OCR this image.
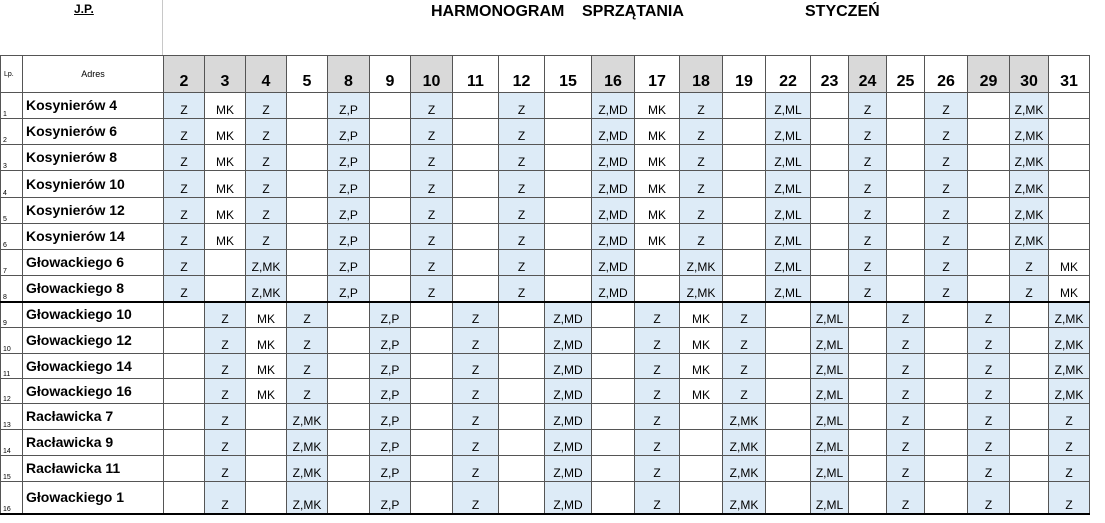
J.P.	HARMONOGRAM SPRZĄTANIA	STYCZEŃ
Lp.	Adres	2	3	4	5	8	9	10	11	12	15	16	17	18	19	22	23	24	25	26	29	30	31
1	Kosynierów 4	Z	MK	Z		Z,P		Z		Z		Z,MD	MK	Z		Z,ML		Z		Z		Z,MK	
2	Kosynierów 6	Z	MK	Z		Z,P		Z		Z		Z,MD	MK	Z		Z,ML		Z		Z		Z,MK	
3	Kosynierów 8	Z	MK	Z		Z,P		Z		Z		Z,MD	MK	Z		Z,ML		Z		Z		Z,MK	
4	Kosynierów 10	Z	MK	Z		Z,P		Z		Z		Z,MD	MK	Z		Z,ML		Z		Z		Z,MK	
5	Kosynierów 12	Z	MK	Z		Z,P		Z		Z		Z,MD	MK	Z		Z,ML		Z		Z		Z,MK	
6	Kosynierów 14	Z	MK	Z		Z,P		Z		Z		Z,MD	MK	Z		Z,ML		Z		Z		Z,MK	
7	Głowackiego 6	Z		Z,MK		Z,P		Z		Z		Z,MD		Z,MK		Z,ML		Z		Z		Z	MK
8	Głowackiego 8	Z		Z,MK		Z,P		Z		Z		Z,MD		Z,MK		Z,ML		Z		Z		Z	MK
9	Głowackiego 10		Z	MK	Z		Z,P		Z		Z,MD		Z	MK	Z		Z,ML		Z		Z		Z,MK
10	Głowackiego 12		Z	MK	Z		Z,P		Z		Z,MD		Z	MK	Z		Z,ML		Z		Z		Z,MK
11	Głowackiego 14		Z	MK	Z		Z,P		Z		Z,MD		Z	MK	Z		Z,ML		Z		Z		Z,MK
12	Głowackiego 16		Z	MK	Z		Z,P		Z		Z,MD		Z	MK	Z		Z,ML		Z		Z		Z,MK
13	Racławicka 7		Z		Z,MK		Z,P		Z		Z,MD		Z		Z,MK		Z,ML		Z		Z		Z
14	Racławicka 9		Z		Z,MK		Z,P		Z		Z,MD		Z		Z,MK		Z,ML		Z		Z		Z
15	Racławicka 11		Z		Z,MK		Z,P		Z		Z,MD		Z		Z,MK		Z,ML		Z		Z		Z
16	Głowackiego 1		Z		Z,MK		Z,P		Z		Z,MD		Z		Z,MK		Z,ML		Z		Z		Z
